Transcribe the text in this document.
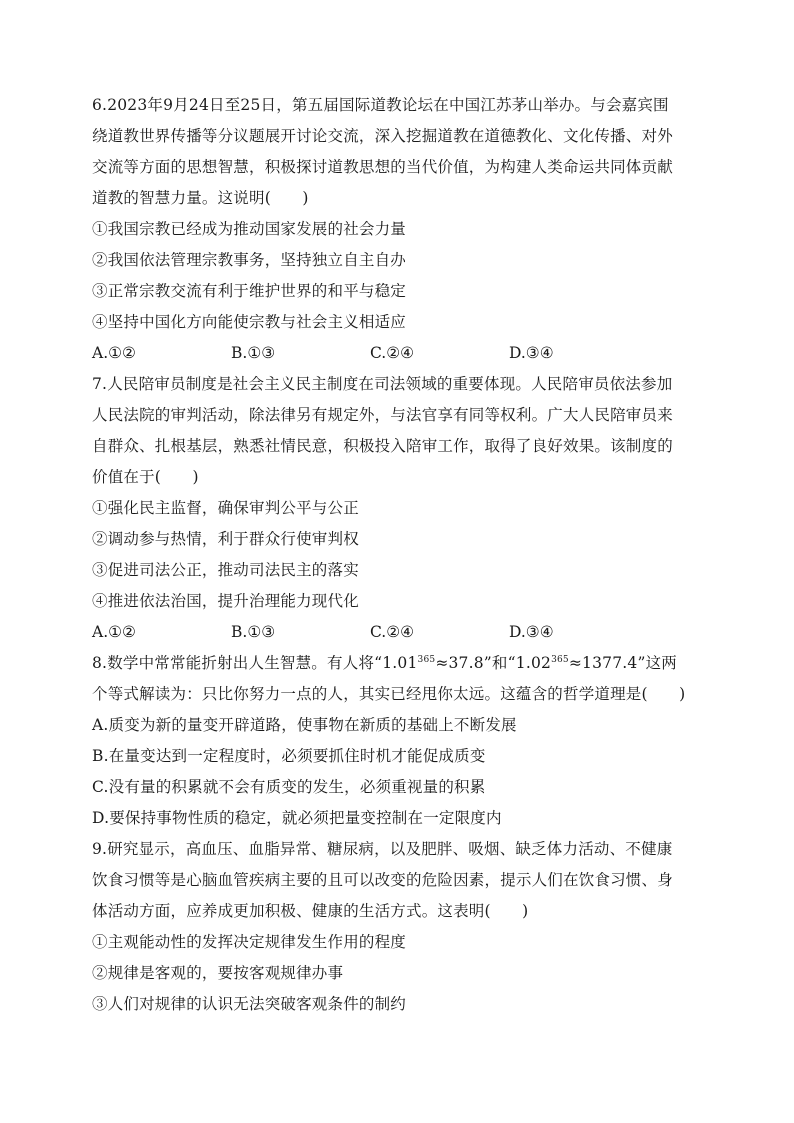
6.2023年9月24日至25日，第五届国际道教论坛在中国江苏茅山举办。与会嘉宾围
绕道教世界传播等分议题展开讨论交流，深入挖掘道教在道德教化、文化传播、对外
交流等方面的思想智慧，积极探讨道教思想的当代价值，为构建人类命运共同体贡献
道教的智慧力量。这说明(　　)
①我国宗教已经成为推动国家发展的社会力量
②我国依法管理宗教事务，坚持独立自主自办
③正常宗教交流有利于维护世界的和平与稳定
④坚持中国化方向能使宗教与社会主义相适应
A.①②	B.①③	C.②④	D.③④
7.人民陪审员制度是社会主义民主制度在司法领域的重要体现。人民陪审员依法参加
人民法院的审判活动，除法律另有规定外，与法官享有同等权利。广大人民陪审员来
自群众、扎根基层，熟悉社情民意，积极投入陪审工作，取得了良好效果。该制度的
价值在于(　　)
①强化民主监督，确保审判公平与公正
②调动参与热情，利于群众行使审判权
③促进司法公正，推动司法民主的落实
④推进依法治国，提升治理能力现代化
A.①②	B.①③	C.②④	D.③④
8.数学中常常能折射出人生智慧。有人将“$1.01^{365}\approx 37.8$”和“$1.02^{365}\approx 1377.4$”这两
个等式解读为：只比你努力一点的人，其实已经甩你太远。这蕴含的哲学道理是(　　)
A.质变为新的量变开辟道路，使事物在新质的基础上不断发展
B.在量变达到一定程度时，必须要抓住时机才能促成质变
C.没有量的积累就不会有质变的发生，必须重视量的积累
D.要保持事物性质的稳定，就必须把量变控制在一定限度内
9.研究显示，高血压、血脂异常、糖尿病，以及肥胖、吸烟、缺乏体力活动、不健康
饮食习惯等是心脑血管疾病主要的且可以改变的危险因素，提示人们在饮食习惯、身
体活动方面，应养成更加积极、健康的生活方式。这表明(　　)
①主观能动性的发挥决定规律发生作用的程度
②规律是客观的，要按客观规律办事
③人们对规律的认识无法突破客观条件的制约
